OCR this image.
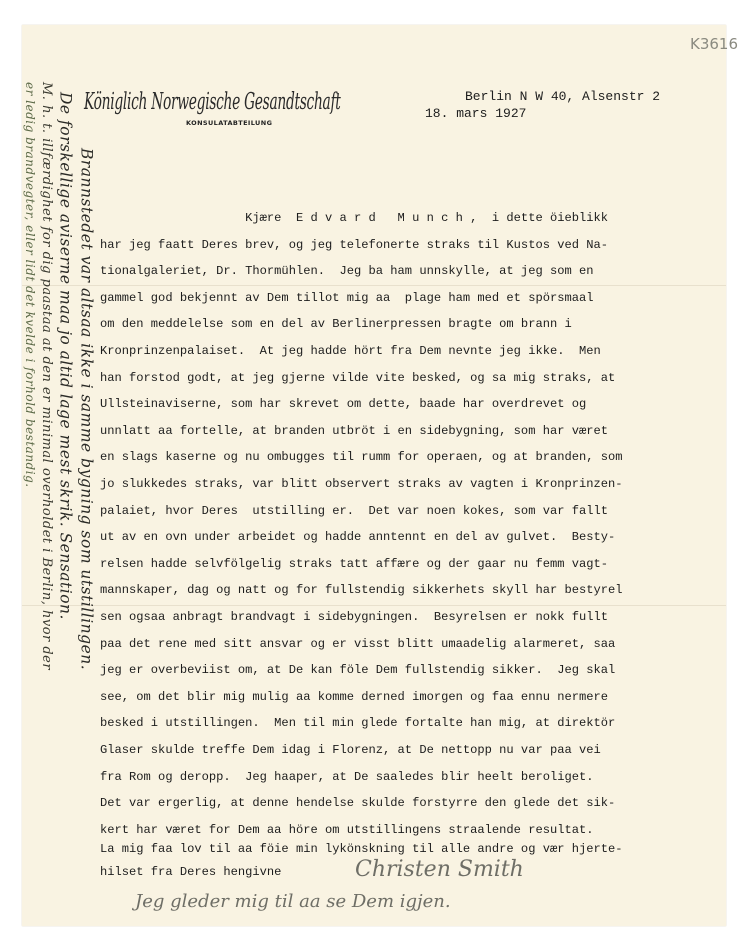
K3616
Königlich Norwegische Gesandtschaft
KONSULATABTEILUNG
Berlin N W 40, Alsenstr 2
18. mars 1927
Kjære  E d v a r d   M u n c h ,  i dette öieblikk
har jeg faatt Deres brev, og jeg telefonerte straks til Kustos ved Na-
tionalgaleriet, Dr. Thormühlen.  Jeg ba ham unnskylle, at jeg som en
gammel god bekjennt av Dem tillot mig aa  plage ham med et spörsmaal
om den meddelelse som en del av Berlinerpressen bragte om brann i
Kronprinzenpalaiset.  At jeg hadde hört fra Dem nevnte jeg ikke.  Men
han forstod godt, at jeg gjerne vilde vite besked, og sa mig straks, at
Ullsteinaviserne, som har skrevet om dette, baade har overdrevet og
unnlatt aa fortelle, at branden utbröt i en sidebygning, som har været
en slags kaserne og nu ombugges til rumm for operaen, og at branden, som
jo slukkedes straks, var blitt observert straks av vagten i Kronprinzen-
palaiet, hvor Deres  utstilling er.  Det var noen kokes, som var fallt
ut av en ovn under arbeidet og hadde anntennt en del av gulvet.  Besty-
relsen hadde selvfölgelig straks tatt affære og der gaar nu femm vagt-
mannskaper, dag og natt og for fullstendig sikkerhets skyll har bestyrel
sen ogsaa anbragt brandvagt i sidebygningen.  Besyrelsen er nokk fullt
paa det rene med sitt ansvar og er visst blitt umaadelig alarmeret, saa
jeg er overbeviist om, at De kan föle Dem fullstendig sikker.  Jeg skal
see, om det blir mig mulig aa komme derned imorgen og faa ennu nermere
besked i utstillingen.  Men til min glede fortalte han mig, at direktör
Glaser skulde treffe Dem idag i Florenz, at De nettopp nu var paa vei
fra Rom og deropp.  Jeg haaper, at De saaledes blir heelt beroliget.
Det var ergerlig, at denne hendelse skulde forstyrre den glede det sik-
kert har været for Dem aa höre om utstillingens straalende resultat.
La mig faa lov til aa föie min lykönskning til alle andre og vær hjerte-
hilset fra Deres hengivne	Christen Smith
Jeg gleder mig til aa se Dem igjen.
Brannstedet var altsaa ikke i samme bygning som utstillingen.
De forskellige aviserne maa jo altid lage mest skrik. Sensation.
M. h. t. illfærdighet for dig paastaa at den er minimal overholdet i Berlin, hvor der
er ledig brandvegter, eller lidt det kvelde i forhold bestandig.
